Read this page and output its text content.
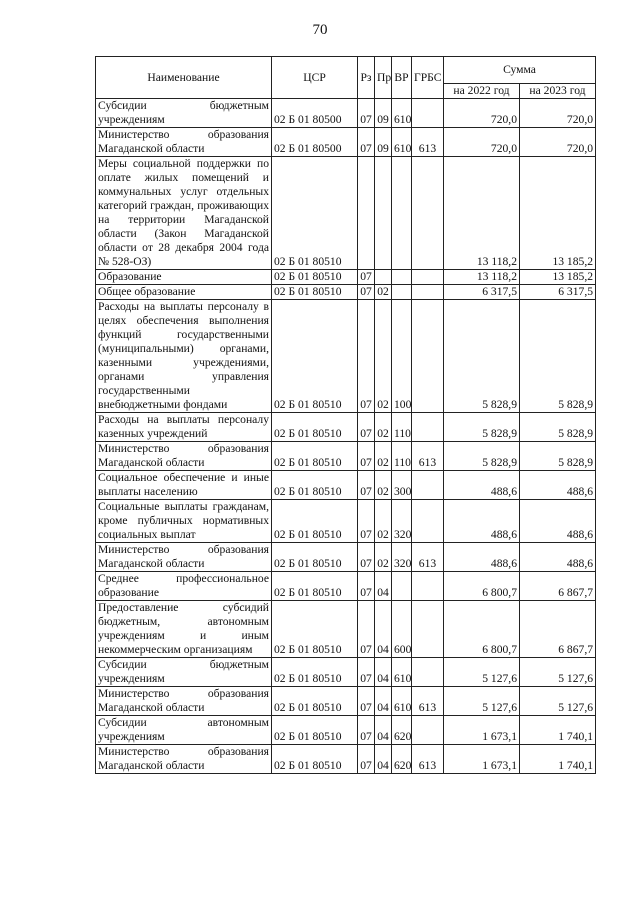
70
Наименование	ЦСР	Рз	Пр	ВР	ГРБС	Сумма	
						на 2022 год	на 2023 год
Субсидии бюджетным учреждениям	02 Б 01 80500	07	09	610		720,0	720,0
Министерство образования Магаданской области	02 Б 01 80500	07	09	610	613	720,0	720,0
Меры социальной поддержки по оплате жилых помещений и коммунальных услуг отдельных категорий граждан, проживающих на территории Магаданской области (Закон Магаданской области от 28 декабря 2004 года № 528-ОЗ)	02 Б 01 80510					13 118,2	13 185,2
Образование	02 Б 01 80510	07				13 118,2	13 185,2
Общее образование	02 Б 01 80510	07	02			6 317,5	6 317,5
Расходы на выплаты персоналу в целях обеспечения выполнения функций государственными (муниципальными) органами, казенными учреждениями, органами управления государственными внебюджетными фондами	02 Б 01 80510	07	02	100		5 828,9	5 828,9
Расходы на выплаты персоналу казенных учреждений	02 Б 01 80510	07	02	110		5 828,9	5 828,9
Министерство образования Магаданской области	02 Б 01 80510	07	02	110	613	5 828,9	5 828,9
Социальное обеспечение и иные выплаты населению	02 Б 01 80510	07	02	300		488,6	488,6
Социальные выплаты гражданам, кроме публичных нормативных социальных выплат	02 Б 01 80510	07	02	320		488,6	488,6
Министерство образования Магаданской области	02 Б 01 80510	07	02	320	613	488,6	488,6
Среднее профессиональное образование	02 Б 01 80510	07	04			6 800,7	6 867,7
Предоставление субсидий бюджетным, автономным учреждениям и иным некоммерческим организациям	02 Б 01 80510	07	04	600		6 800,7	6 867,7
Субсидии бюджетным учреждениям	02 Б 01 80510	07	04	610		5 127,6	5 127,6
Министерство образования Магаданской области	02 Б 01 80510	07	04	610	613	5 127,6	5 127,6
Субсидии автономным учреждениям	02 Б 01 80510	07	04	620		1 673,1	1 740,1
Министерство образования Магаданской области	02 Б 01 80510	07	04	620	613	1 673,1	1 740,1
